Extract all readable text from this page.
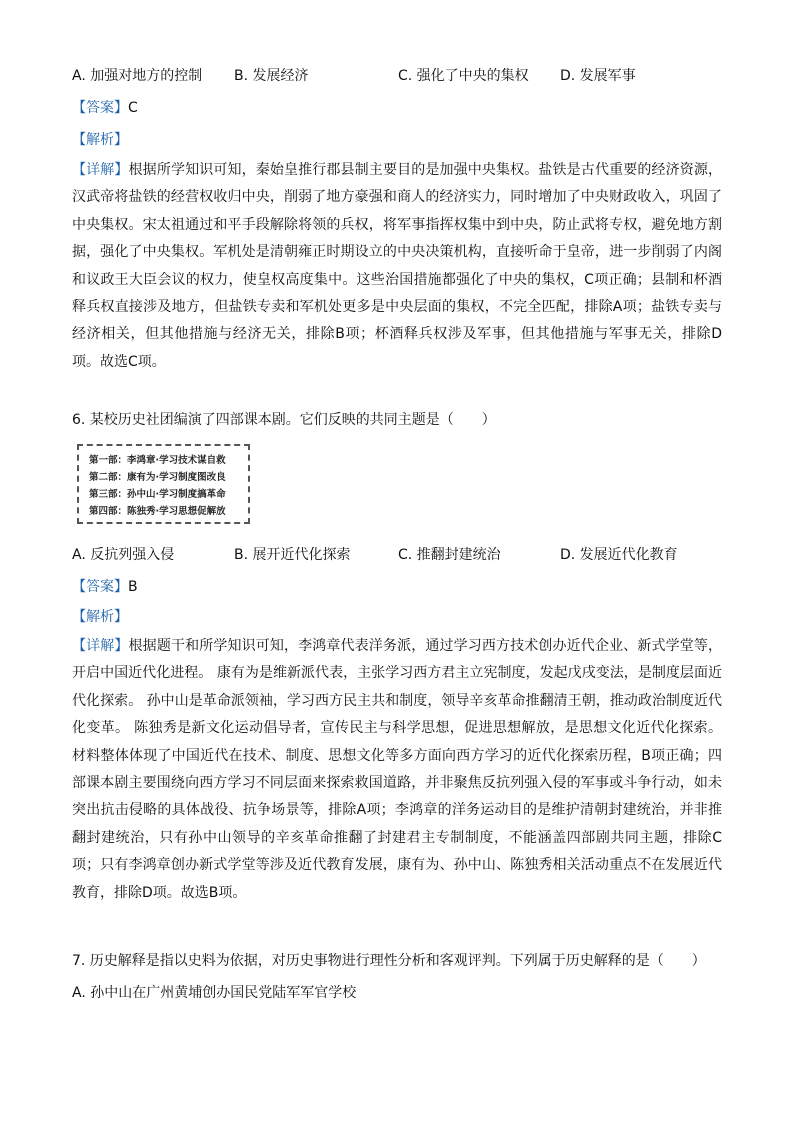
A. 加强对地方的控制 B. 发展经济	C. 强化了中央的集权 D. 发展军事
【答案】C
【解析】
【详解】根据所学知识可知，秦始皇推行郡县制主要目的是加强中央集权。盐铁是古代重要的经济资源，汉武帝将盐铁的经营权收归中央，削弱了地方豪强和商人的经济实力，同时增加了中央财政收入，巩固了中央集权。宋太祖通过和平手段解除将领的兵权，将军事指挥权集中到中央，防止武将专权，避免地方割据，强化了中央集权。军机处是清朝雍正时期设立的中央决策机构，直接听命于皇帝，进一步削弱了内阁和议政王大臣会议的权力，使皇权高度集中。这些治国措施都强化了中央的集权，C项正确；县制和杯酒释兵权直接涉及地方，但盐铁专卖和军机处更多是中央层面的集权，不完全匹配，排除A项；盐铁专卖与经济相关，但其他措施与经济无关，排除B项；杯酒释兵权涉及军事，但其他措施与军事无关，排除D项。故选C项。
6. 某校历史社团编演了四部课本剧。它们反映的共同主题是（　　）
第一部：李鸿章·学习技术谋自救
第二部：康有为·学习制度图改良
第三部：孙中山·学习制度搞革命
第四部：陈独秀·学习思想促解放
A. 反抗列强入侵	B. 展开近代化探索	C. 推翻封建统治	D. 发展近代化教育
【答案】B
【解析】
【详解】根据题干和所学知识可知，李鸿章代表洋务派，通过学习西方技术创办近代企业、新式学堂等，开启中国近代化进程。 康有为是维新派代表，主张学习西方君主立宪制度，发起戊戌变法，是制度层面近代化探索。 孙中山是革命派领袖，学习西方民主共和制度，领导辛亥革命推翻清王朝，推动政治制度近代化变革。 陈独秀是新文化运动倡导者，宣传民主与科学思想，促进思想解放，是思想文化近代化探索。 材料整体体现了中国近代在技术、制度、思想文化等多方面向西方学习的近代化探索历程，B项正确；四部课本剧主要围绕向西方学习不同层面来探索救国道路，并非聚焦反抗列强入侵的军事或斗争行动，如未突出抗击侵略的具体战役、抗争场景等，排除A项；李鸿章的洋务运动目的是维护清朝封建统治，并非推翻封建统治，只有孙中山领导的辛亥革命推翻了封建君主专制制度，不能涵盖四部剧共同主题，排除C项；只有李鸿章创办新式学堂等涉及近代教育发展，康有为、孙中山、陈独秀相关活动重点不在发展近代教育，排除D项。故选B项。
7. 历史解释是指以史料为依据，对历史事物进行理性分析和客观评判。下列属于历史解释的是（　　）
A. 孙中山在广州黄埔创办国民党陆军军官学校
